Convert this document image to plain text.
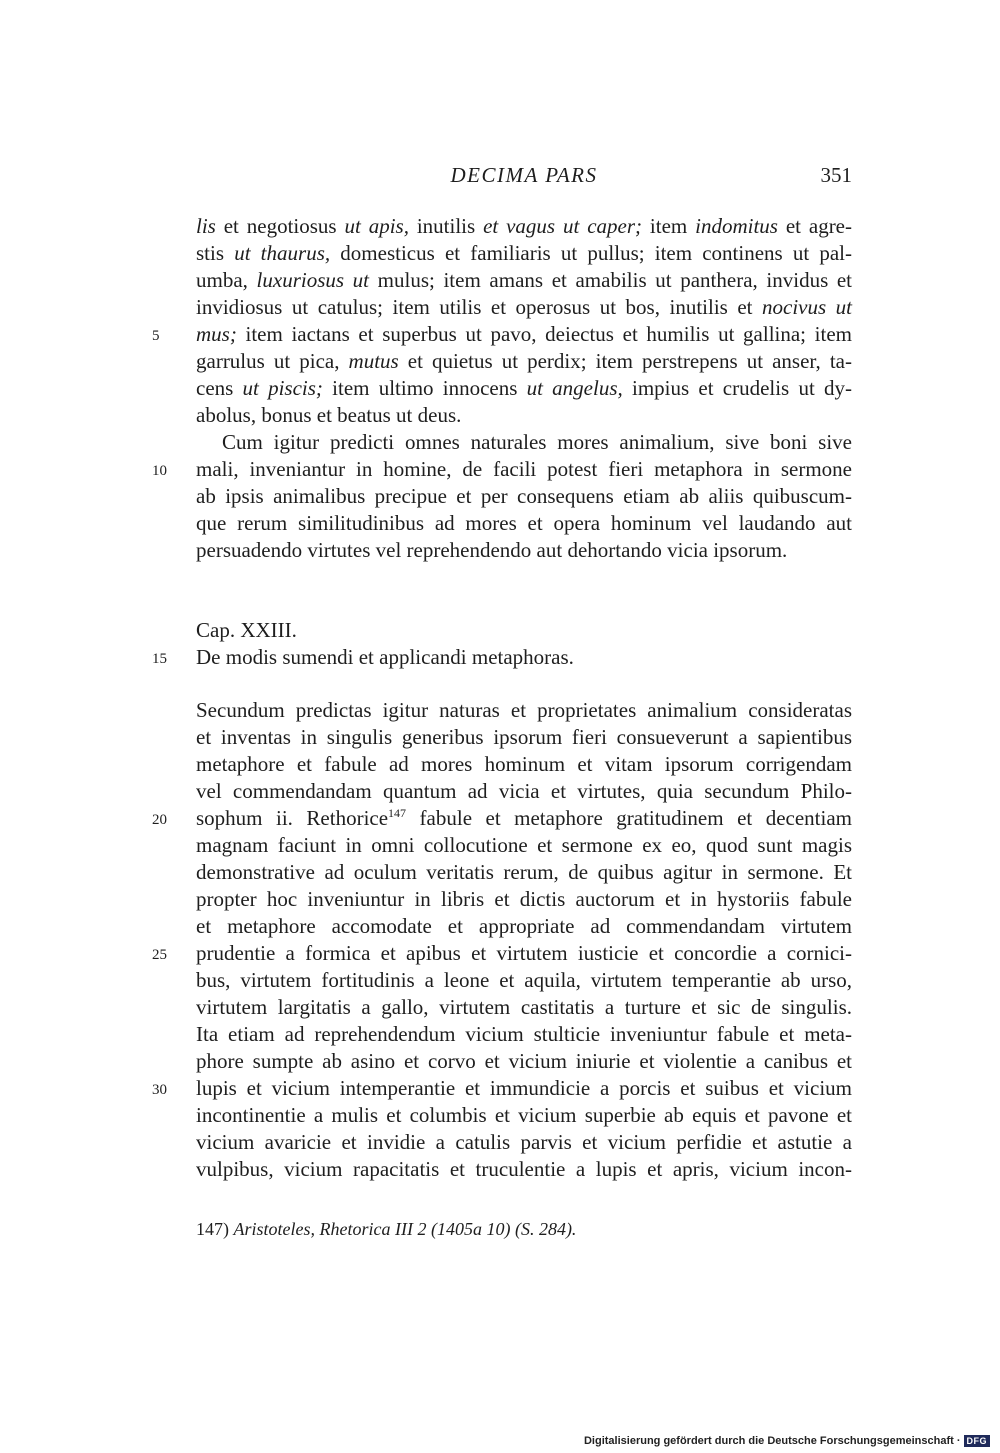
DECIMA PARS	351
lis et negotiosus ut apis, inutilis et vagus ut caper; item indomitus et agre-
stis ut thaurus, domesticus et familiaris ut pullus; item continens ut pal-
umba, luxuriosus ut mulus; item amans et amabilis ut panthera, invidus et
invidiosus ut catulus; item utilis et operosus ut bos, inutilis et nocivus ut
mus; item iactans et superbus ut pavo, deiectus et humilis ut gallina; item
garrulus ut pica, mutus et quietus ut perdix; item perstrepens ut anser, ta-
cens ut piscis; item ultimo innocens ut angelus, impius et crudelis ut dy-
abolus, bonus et beatus ut deus.
Cum igitur predicti omnes naturales mores animalium, sive boni sive
mali, inveniantur in homine, de facili potest fieri metaphora in sermone
ab ipsis animalibus precipue et per consequens etiam ab aliis quibuscum-
que rerum similitudinibus ad mores et opera hominum vel laudando aut
persuadendo virtutes vel reprehendendo aut dehortando vicia ipsorum.
Cap. XXIII.
De modis sumendi et applicandi metaphoras.
Secundum predictas igitur naturas et proprietates animalium consideratas
et inventas in singulis generibus ipsorum fieri consueverunt a sapientibus
metaphore et fabule ad mores hominum et vitam ipsorum corrigendam
vel commendandam quantum ad vicia et virtutes, quia secundum Philo-
sophum ii. Rethorice$^{147}$ fabule et metaphore gratitudinem et decentiam
magnam faciunt in omni collocutione et sermone ex eo, quod sunt magis
demonstrative ad oculum veritatis rerum, de quibus agitur in sermone. Et
propter hoc inveniuntur in libris et dictis auctorum et in hystoriis fabule
et metaphore accomodate et appropriate ad commendandam virtutem
prudentie a formica et apibus et virtutem iusticie et concordie a cornici-
bus, virtutem fortitudinis a leone et aquila, virtutem temperantie ab urso,
virtutem largitatis a gallo, virtutem castitatis a turture et sic de singulis.
Ita etiam ad reprehendendum vicium stulticie inveniuntur fabule et meta-
phore sumpte ab asino et corvo et vicium iniurie et violentie a canibus et
lupis et vicium intemperantie et immundicie a porcis et suibus et vicium
incontinentie a mulis et columbis et vicium superbie ab equis et pavone et
vicium avaricie et invidie a catulis parvis et vicium perfidie et astutie a
vulpibus, vicium rapacitatis et truculentie a lupis et apris, vicium incon-
5
10
15
20
25
30
147) Aristoteles, Rhetorica III 2 (1405a 10) (S. 284).
Digitalisierung gefördert durch die Deutsche Forschungsgemeinschaft · DFG
